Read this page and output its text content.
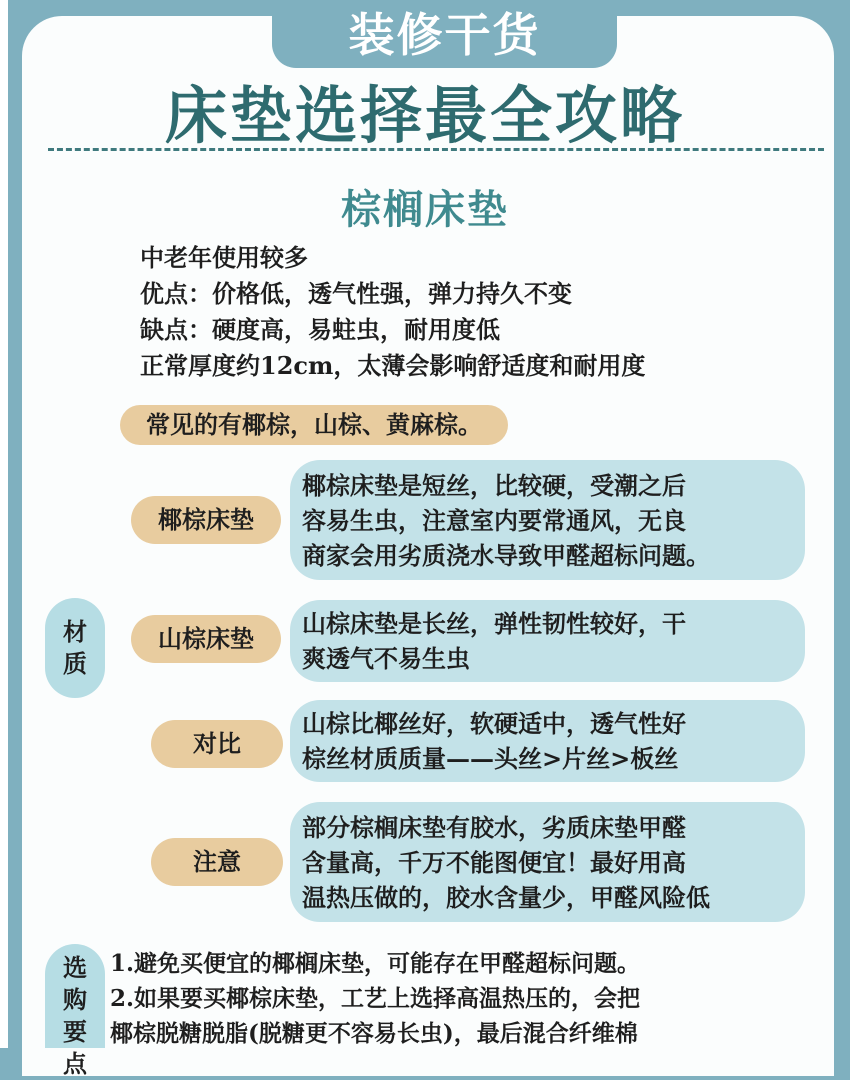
装修干货
床垫选择最全攻略
棕榈床垫
中老年使用较多
优点：价格低，透气性强，弹力持久不变
缺点：硬度高，易蛀虫，耐用度低
正常厚度约12cm，太薄会影响舒适度和耐用度
常见的有椰棕，山棕、黄麻棕。
材
质
椰棕床垫
椰棕床垫是短丝，比较硬，受潮之后
容易生虫，注意室内要常通风，无良
商家会用劣质浇水导致甲醛超标问题。
山棕床垫
山棕床垫是长丝，弹性韧性较好，干
爽透气不易生虫
对比
山棕比椰丝好，软硬适中，透气性好
棕丝材质质量——头丝>片丝>板丝
注意
部分棕榈床垫有胶水，劣质床垫甲醛
含量高，千万不能图便宜！最好用高
温热压做的，胶水含量少，甲醛风险低
选
购
要
点
1.避免买便宜的椰榈床垫，可能存在甲醛超标问题。
2.如果要买椰棕床垫，工艺上选择高温热压的，会把
椰棕脱糖脱脂(脱糖更不容易长虫)，最后混合纤维棉
